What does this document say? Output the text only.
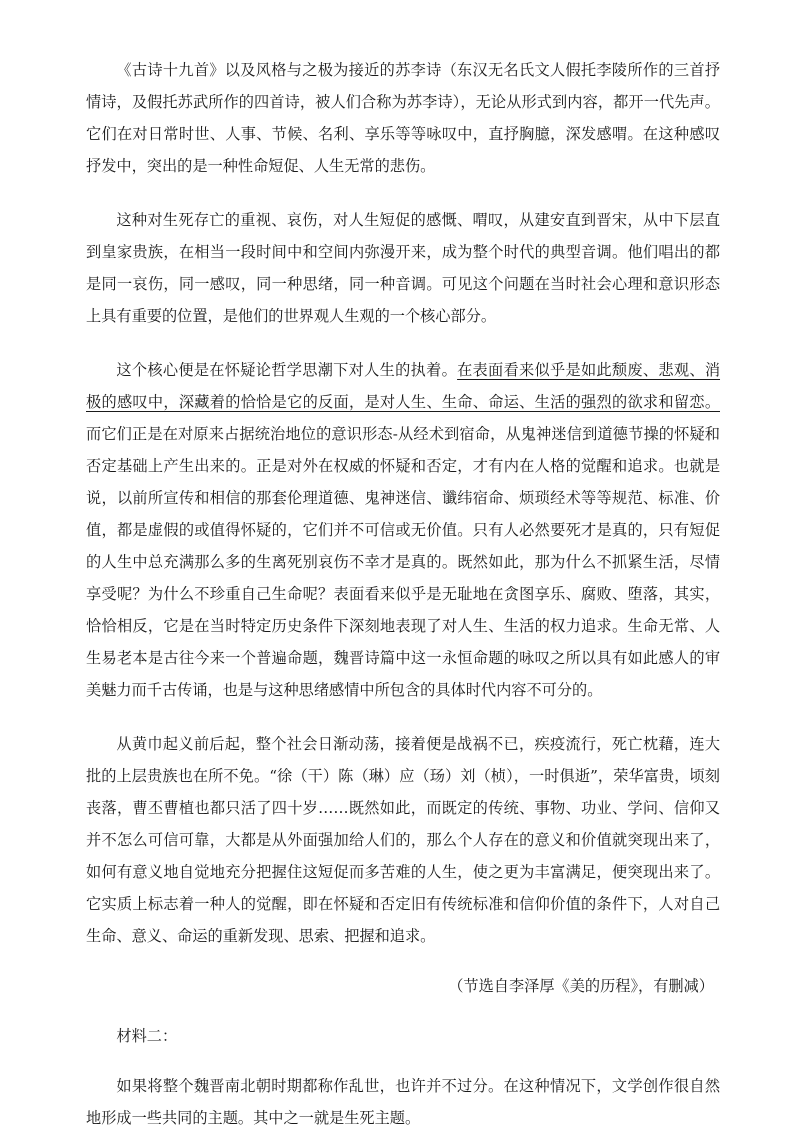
《古诗十九首》以及风格与之极为接近的苏李诗（东汉无名氏文人假托李陵所作的三首抒情诗，及假托苏武所作的四首诗，被人们合称为苏李诗），无论从形式到内容，都开一代先声。它们在对日常时世、人事、节候、名利、享乐等等咏叹中，直抒胸臆，深发感喟。在这种感叹抒发中，突出的是一种性命短促、人生无常的悲伤。

这种对生死存亡的重视、哀伤，对人生短促的感慨、喟叹，从建安直到晋宋，从中下层直到皇家贵族，在相当一段时间中和空间内弥漫开来，成为整个时代的典型音调。他们唱出的都是同一哀伤，同一感叹，同一种思绪，同一种音调。可见这个问题在当时社会心理和意识形态上具有重要的位置，是他们的世界观人生观的一个核心部分。

这个核心便是在怀疑论哲学思潮下对人生的执着。在表面看来似乎是如此颓废、悲观、消极的感叹中，深藏着的恰恰是它的反面，是对人生、生命、命运、生活的强烈的欲求和留恋。而它们正是在对原来占据统治地位的意识形态-从经术到宿命，从鬼神迷信到道德节操的怀疑和否定基础上产生出来的。正是对外在权威的怀疑和否定，才有内在人格的觉醒和追求。也就是说，以前所宣传和相信的那套伦理道德、鬼神迷信、谶纬宿命、烦琐经术等等规范、标准、价值，都是虚假的或值得怀疑的，它们并不可信或无价值。只有人必然要死才是真的，只有短促的人生中总充满那么多的生离死别哀伤不幸才是真的。既然如此，那为什么不抓紧生活，尽情享受呢？为什么不珍重自己生命呢？表面看来似乎是无耻地在贪图享乐、腐败、堕落，其实，恰恰相反，它是在当时特定历史条件下深刻地表现了对人生、生活的权力追求。生命无常、人生易老本是古往今来一个普遍命题，魏晋诗篇中这一永恒命题的咏叹之所以具有如此感人的审美魅力而千古传诵，也是与这种思绪感情中所包含的具体时代内容不可分的。

从黄巾起义前后起，整个社会日渐动荡，接着便是战祸不已，疾疫流行，死亡枕藉，连大批的上层贵族也在所不免。“徐（干）陈（琳）应（玚）刘（桢），一时俱逝”，荣华富贵，顷刻丧落，曹丕曹植也都只活了四十岁……既然如此，而既定的传统、事物、功业、学问、信仰又并不怎么可信可靠，大都是从外面强加给人们的，那么个人存在的意义和价值就突现出来了，如何有意义地自觉地充分把握住这短促而多苦难的人生，使之更为丰富满足，便突现出来了。它实质上标志着一种人的觉醒，即在怀疑和否定旧有传统标准和信仰价值的条件下，人对自己生命、意义、命运的重新发现、思索、把握和追求。

（节选自李泽厚《美的历程》，有删减）

材料二：

如果将整个魏晋南北朝时期都称作乱世，也许并不过分。在这种情况下，文学创作很自然地形成一些共同的主题。其中之一就是生死主题。
